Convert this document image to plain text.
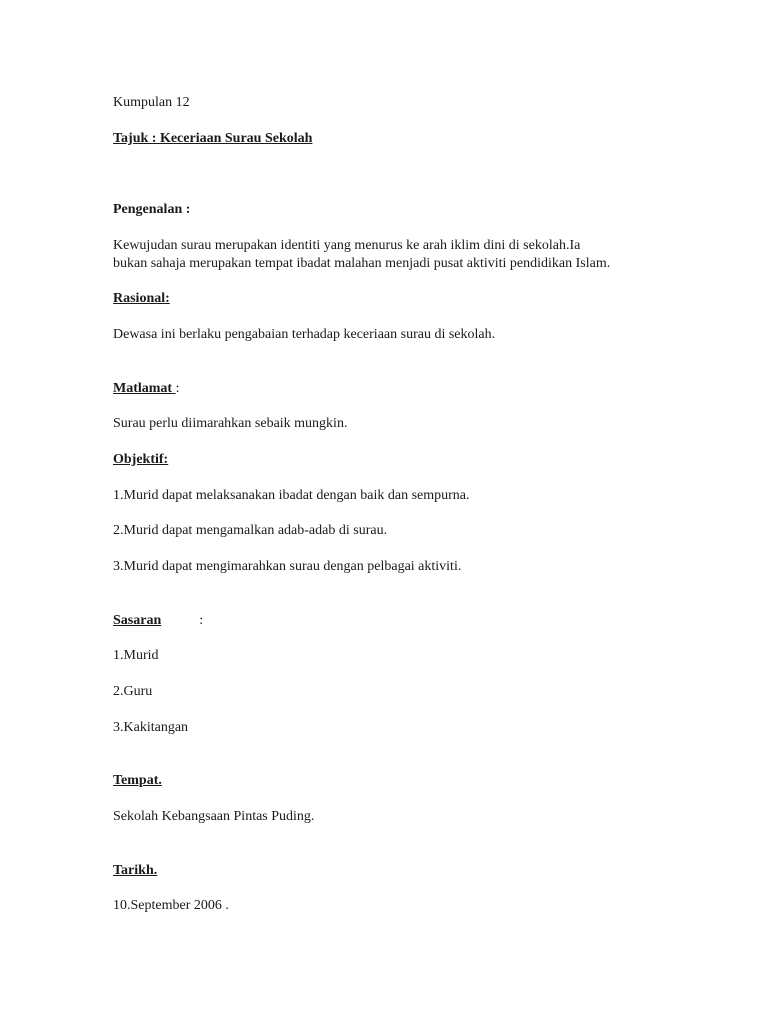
Kumpulan 12
Tajuk : Keceriaan Surau Sekolah
Pengenalan :
Kewujudan surau merupakan identiti yang menurus ke arah iklim dini di sekolah.Ia
bukan sahaja merupakan tempat ibadat malahan menjadi pusat aktiviti pendidikan Islam.
Rasional:
Dewasa ini berlaku pengabaian terhadap keceriaan surau di sekolah.
Matlamat :
Surau perlu diimarahkan sebaik mungkin.
Objektif:
1.Murid dapat melaksanakan ibadat dengan baik dan sempurna.
2.Murid dapat mengamalkan adab-adab di surau.
3.Murid dapat mengimarahkan surau dengan pelbagai aktiviti.
Sasaran	:
1.Murid
2.Guru
3.Kakitangan
Tempat.
Sekolah Kebangsaan Pintas Puding.
Tarikh.
10.September 2006 .
